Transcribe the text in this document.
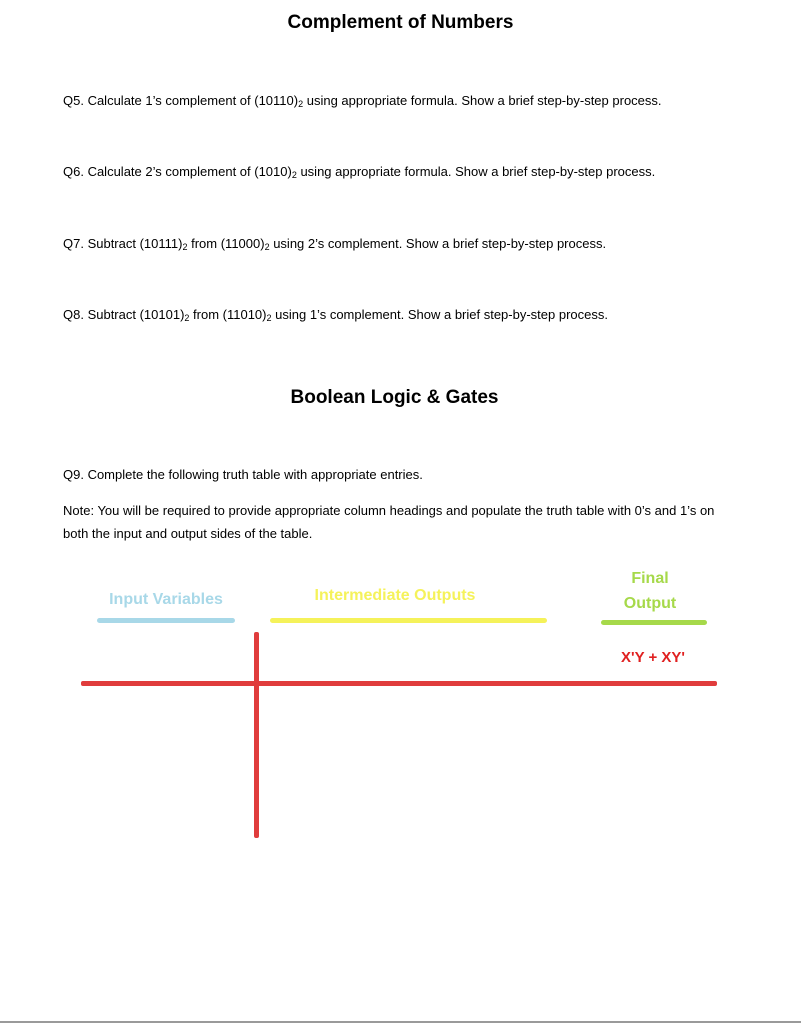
Complement of Numbers
Q5. Calculate 1’s complement of $(10110)_2$ using appropriate formula. Show a brief step-by-step process.
Q6. Calculate 2’s complement of $(1010)_2$ using appropriate formula. Show a brief step-by-step process.
Q7. Subtract $(10111)_2$ from $(11000)_2$ using 2’s complement. Show a brief step-by-step process.
Q8. Subtract $(10101)_2$ from $(11010)_2$ using 1’s complement. Show a brief step-by-step process.
Boolean Logic & Gates
Q9. Complete the following truth table with appropriate entries.
Note: You will be required to provide appropriate column headings and populate the truth table with 0’s and 1’s on both the input and output sides of the table.
Input Variables	Intermediate Outputs
Final
Output
X'Y + XY'
